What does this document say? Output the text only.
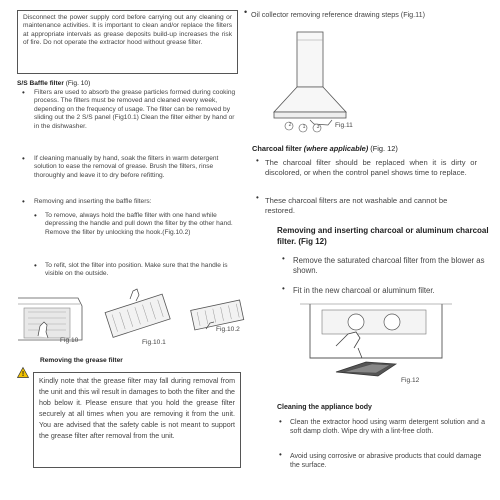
Disconnect the power supply cord before carrying out any cleaning or maintenance activities. It is important to clean and/or replace the filters at appropriate intervals as grease deposits build-up increases the risk of fire. Do not operate the extractor hood without grease filter.
S/S Baffle filter (Fig. 10)
• Filters are used to absorb the grease particles formed during cooking process. The filters must be removed and cleaned every week, depending on the frequency of usage. The filter can be removed by sliding out the 2 S/S panel (Fig10.1) Clean the filter either by hand or in the dishwasher.
• If cleaning manually by hand, soak the filters in warm detergent solution to ease the removal of grease. Brush the filters, rinse thoroughly and leave it to dry before refitting.
• Removing and inserting the baffle filters:
• To remove, always hold the baffle filter with one hand while depressing the handle and pull down the filter by the other hand. Remove the filter by unlocking the hook.(Fig.10.2)
• To refit, slot the filter into position. Make sure that the handle is visible on the outside.
Fig.10	Fig.10.1
Fig.10.2
Removing the grease filter
!
Kindly note that the grease filter may fall during removal from the unit and this wil result in damages to both the filter and the hob below it. Please ensure that you hold the grease filter securely at all times when you are removing it from the unit. You are advised that the safety cable is not meant to support the grease filter after removal from the unit.
• Oil collector removing reference drawing steps (Fig.11)
2	1	3 Fig.11
Charcoal filter (where applicable) (Fig. 12)
• The charcoal filter should be replaced when it is dirty or discolored, or when the control panel shows time to replace.
• These charcoal filters are not washable and cannot be restored.
Removing and inserting charcoal or aluminum charcoal filter. (Fig 12)
• Remove the saturated charcoal filter from the blower as shown.
• Fit in the new charcoal or aluminum filter.
Fig.12
Cleaning the appliance body
• Clean the extractor hood using warm detergent solution and a soft damp cloth. Wipe dry with a lint-free cloth.
• Avoid using corrosive or abrasive products that could damage the surface.
